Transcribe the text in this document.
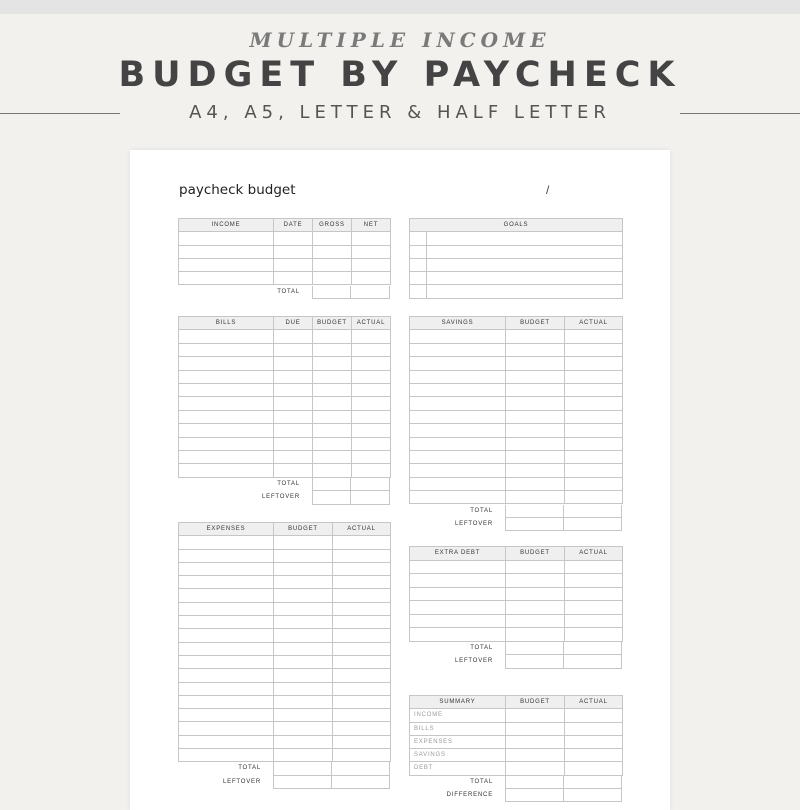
MULTIPLE INCOME
BUDGET BY PAYCHECK
A4, A5, LETTER & HALF LETTER
paycheck budget	/
INCOME	DATE	GROSS	NET
TOTAL
GOALS
BILLS	DUE	BUDGET	ACTUAL
TOTAL
LEFTOVER
SAVINGS	BUDGET	ACTUAL
TOTAL
LEFTOVER
EXPENSES	BUDGET	ACTUAL
TOTAL
LEFTOVER
EXTRA DEBT	BUDGET	ACTUAL
TOTAL
LEFTOVER
SUMMARY	BUDGET	ACTUAL
INCOME
BILLS
EXPENSES
SAVINGS
DEBT
TOTAL
DIFFERENCE
